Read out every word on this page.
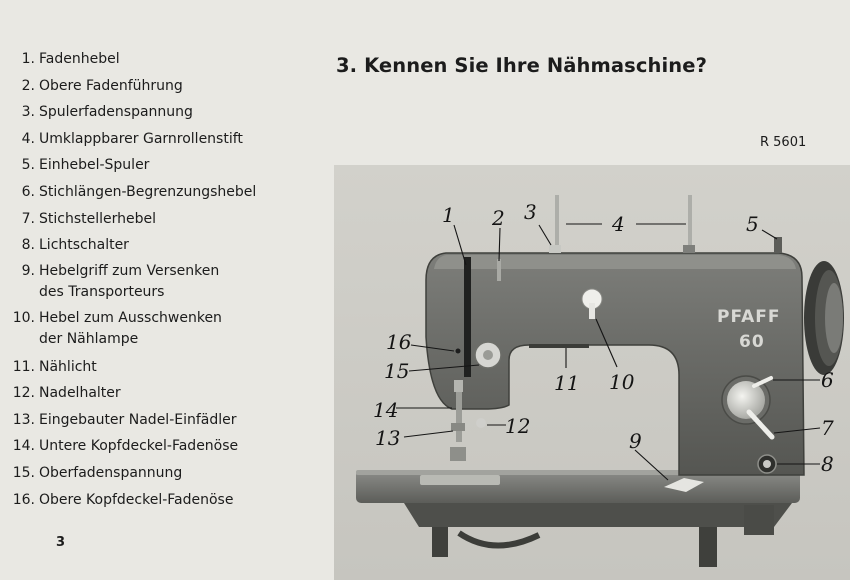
1. Fadenhebel
2. Obere Fadenführung
3. Spulerfadenspannung
4. Umklappbarer Garnrollenstift
5. Einhebel-Spuler
6. Stichlängen-Begrenzungshebel
7. Stichstellerhebel
8. Lichtschalter
9. Hebelgriff zum Versenken
des Transporteurs
10. Hebel zum Ausschwenken
der Nählampe
11. Nählicht
12. Nadelhalter
13. Eingebauter Nadel-Einfädler
14. Untere Kopfdeckel-Fadenöse
15. Oberfadenspannung
16. Obere Kopfdeckel-Fadenöse
3. Kennen Sie Ihre Nähmaschine?
R 5601
3
PFAFF
60
1 2 3	4	5
6
7
8
9
10
11
12
13
14
15
16
